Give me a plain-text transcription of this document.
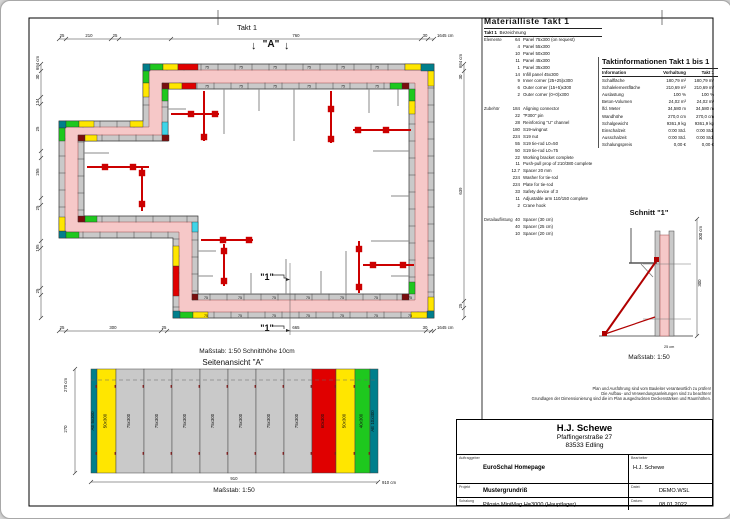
Takt 1
75
75
75
75
75
75
75
75
75
75
75
75
75
75
75
75
75
75
75
75
75
75
75
75
75
75
"1"
"1"
↓ "A" ↓
25	210	25	760	30 1645 cm
25	300	25	665	30 1645 cm
694 cm
30
134
25
255
25
195
25
694 cm
30
639
25
Maßstab: 1:50 Schnitthöhe 10cm
Seitenansicht "A"
AE 5x300 50x300	75x300	75x300	75x300	75x300	75x300	75x300	75x300	60x300	50x300	40x300 AE 10x300
270 cm
270
910
910 cm
Maßstab: 1:50
Schnitt "1"
300 cm
300
25 cm
Maßstab: 1:50
Materialliste Takt 1
Takt 1 Bezeichnung
Elemente	64 Panel 75x300 (on request)
4 Panel 55x300
10 Panel 50x300
11 Panel 45x300
1 Panel 35x300
14 Infill panel 45x300
9 Inner corner (25+25)x300
6 Outer corner (15+5)x300
2 Outer corner (0+0)x300
Zubehör	184 Aligning connector
22 "P300" pin
28 Reinforcing "U" channel
180 S19-wingnut
224 S19 nut
55 S19 tie-rod L0=50
50 S19 tie-rod L0=75
22 Working bracket complete
11 Push-pull prop of 210/380 complete
12.7 Spacer 20 mm
224 Washer for tie-rod
224 Plate for tie-rod
33 Safety device of 3
11 Adjustable arm 110/150 complete
2 Crane hook
Detailauflistung 40 Spacer (30 cm)
40 Spacer (25 cm)
10 Spacer (20 cm)
Taktinformationen Takt 1 bis 1
Information	Vorhaltung	Takt 1
Schalfläche	180,79 m²	180,79 m²
Schalelementfläche	210,69 m²	210,69 m²
Auslastung	100 %	100 %
Beton-Volumen	24,02 m³	24,02 m³
lfd. Meter	34,580 m	34,580 m
Wandhöhe	270,0 cm	270,0 cm
Schalgewicht	9361,9 kg	9361,9 kg
Einschalzeit	0:00 Std.	0:00 Std.
Ausschalzeit	0:00 Std.	0:00 Std.
Schalungspreis	0,00 €	0,00 €
Plan und Ausführung sind vom Bauleiter verantwortlich zu prüfen!
Die Aufbau- und Verwendungsanleitungen sind zu beachten!
Grundlagen der Dimensionierung sind die im Plan ausgedruckten Deckenstärken und Raumhöhen.
H.J. Schewe
Pfaffingerstraße 27
83533 Edling
Auftraggeber
EuroSchal Homepage
Bearbeiter
H.J. Schewe
Projekt
Mustergrundriß
Datei:
DEMO.WSL
Schalung
Pilosio MiniMag H=3000 (Hauptlager)
Datum:
08.01.2022
